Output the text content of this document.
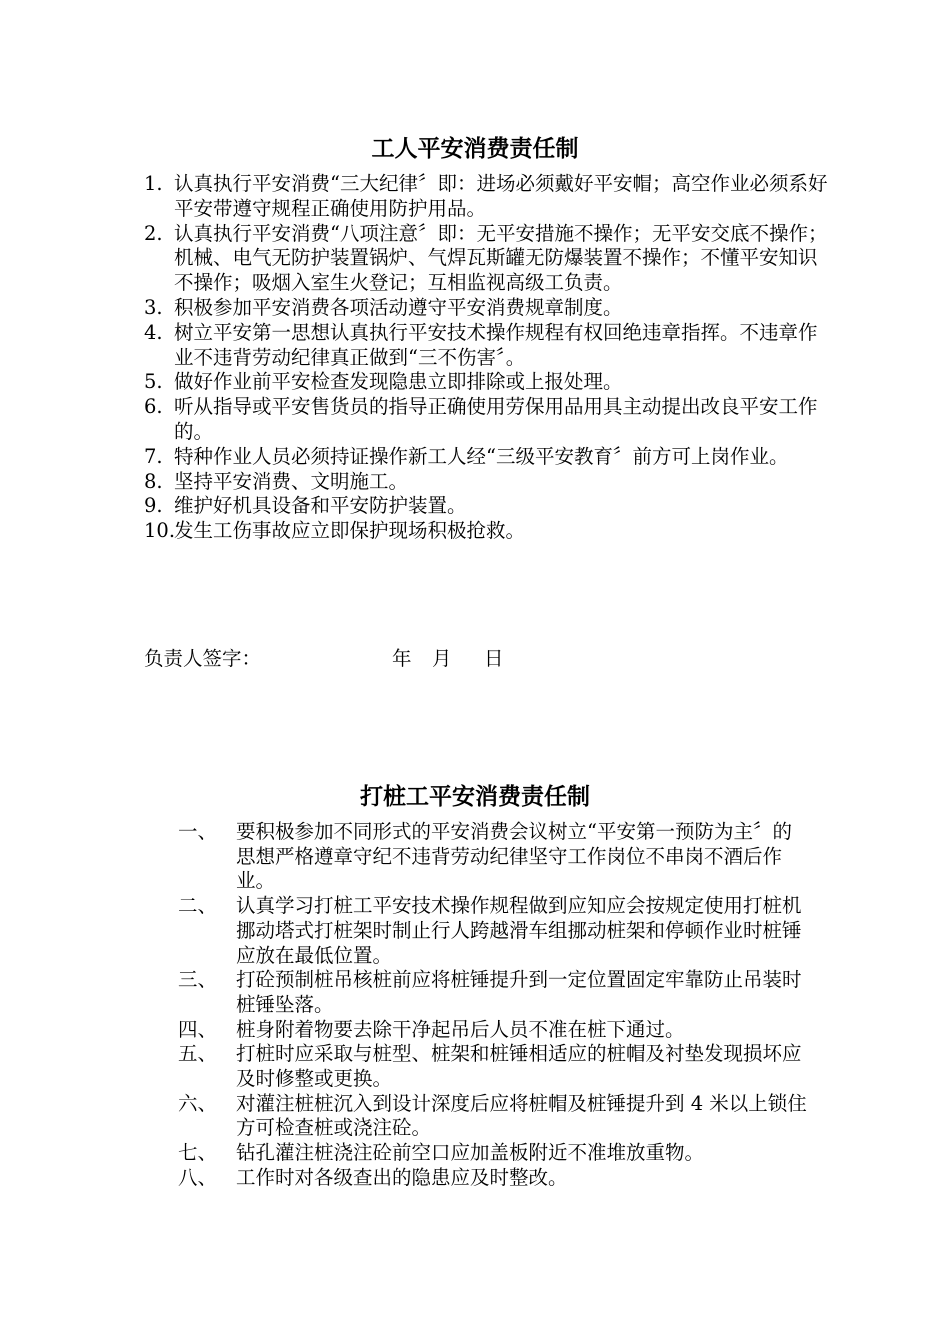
工人平安消费责任制
1. 认真执行平安消费“三大纪律〞即：进场必须戴好平安帽；高空作业必须系好平安带遵守规程正确使用防护用品。
2. 认真执行平安消费“八项注意〞即：无平安措施不操作；无平安交底不操作；机械、电气无防护装置锅炉、气焊瓦斯罐无防爆装置不操作；不懂平安知识不操作；吸烟入室生火登记；互相监视高级工负责。
3. 积极参加平安消费各项活动遵守平安消费规章制度。
4. 树立平安第一思想认真执行平安技术操作规程有权回绝违章指挥。不违章作业不违背劳动纪律真正做到“三不伤害〞。
5. 做好作业前平安检查发现隐患立即排除或上报处理。
6. 听从指导或平安售货员的指导正确使用劳保用品用具主动提出改良平安工作的。
7. 特种作业人员必须持证操作新工人经“三级平安教育〞前方可上岗作业。
8. 坚持平安消费、文明施工。
9. 维护好机具设备和平安防护装置。
10.
发生工伤事故应立即保护现场积极抢救。
负责人签字：	年 月 日
打桩工平安消费责任制
一、 要积极参加不同形式的平安消费会议树立“平安第一预防为主〞的思想严格遵章守纪不违背劳动纪律坚守工作岗位不串岗不酒后作业。
二、 认真学习打桩工平安技术操作规程做到应知应会按规定使用打桩机挪动塔式打桩架时制止行人跨越滑车组挪动桩架和停顿作业时桩锤应放在最低位置。
三、 打砼预制桩吊核桩前应将桩锤提升到一定位置固定牢靠防止吊装时桩锤坠落。
四、 桩身附着物要去除干净起吊后人员不准在桩下通过。
五、 打桩时应采取与桩型、桩架和桩锤相适应的桩帽及衬垫发现损坏应及时修整或更换。
六、 对灌注桩桩沉入到设计深度后应将桩帽及桩锤提升到 4 米以上锁住方可检查桩或浇注砼。
七、 钻孔灌注桩浇注砼前空口应加盖板附近不准堆放重物。
八、 工作时对各级查出的隐患应及时整改。
